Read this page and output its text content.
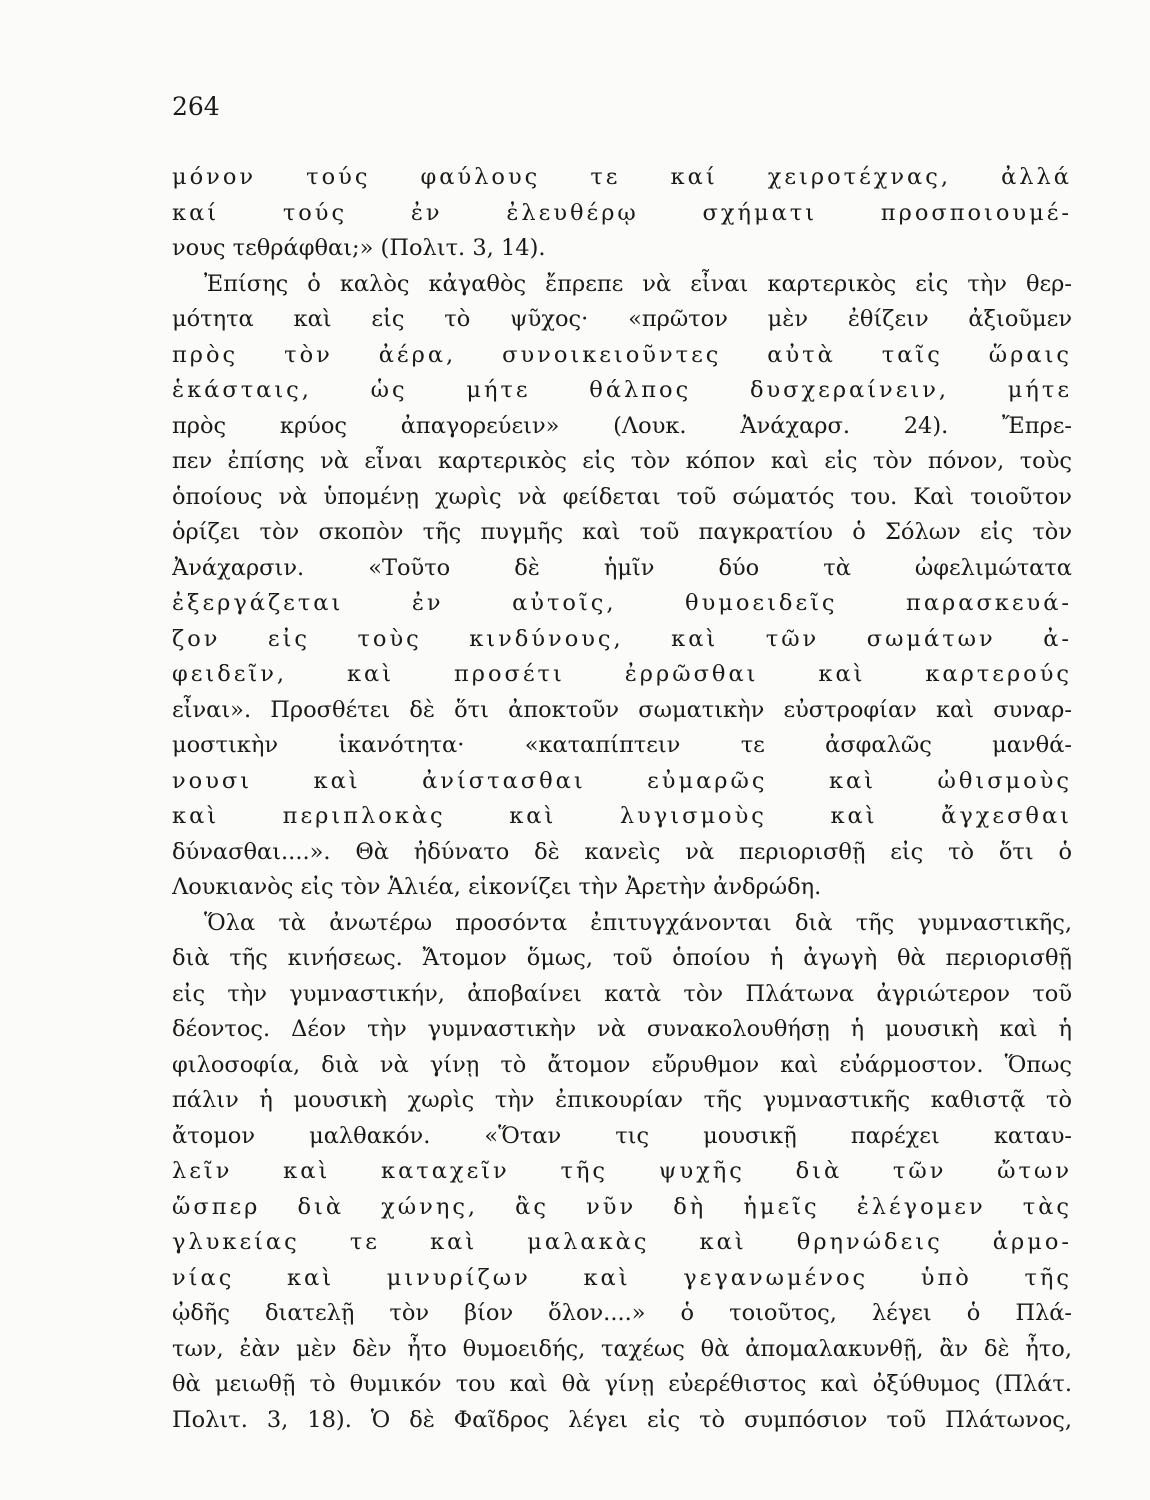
264
μόνον τούς φαύλους τε καί χειροτέχνας, ἀλλά
καί τούς ἐν ἐλευθέρῳ σχήματι προσποιουμέ-
νους τεθράφθαι;» (Πολιτ. 3, 14).
Ἐπίσης ὁ καλὸς κἀγαθὸς ἔπρεπε νὰ εἶναι καρτερικὸς εἰς τὴν θερ-
μότητα καὶ εἰς τὸ ψῦχος· «πρῶτον μὲν ἐθίζειν ἀξιοῦμεν
πρὸς τὸν ἀέρα, συνοικειοῦντες αὐτὰ ταῖς ὥραις
ἑκάσταις, ὡς μήτε θάλπος δυσχεραίνειν, μήτε
πρὸς κρύος ἀπαγορεύειν» (Λουκ. Ἀνάχαρσ. 24). Ἔπρε-
πεν ἐπίσης νὰ εἶναι καρτερικὸς εἰς τὸν κόπον καὶ εἰς τὸν πόνον, τοὺς
ὁποίους νὰ ὑπομένῃ χωρὶς νὰ φείδεται τοῦ σώματός του. Καὶ τοιοῦτον
ὁρίζει τὸν σκοπὸν τῆς πυγμῆς καὶ τοῦ παγκρατίου ὁ Σόλων εἰς τὸν
Ἀνάχαρσιν. «Τοῦτο δὲ ἡμῖν δύο τὰ ὠφελιμώτατα
ἐξεργάζεται ἐν αὐτοῖς, θυμοειδεῖς παρασκευά-
ζον εἰς τοὺς κινδύνους, καὶ τῶν σωμάτων ἀ-
φειδεῖν, καὶ προσέτι ἐρρῶσθαι καὶ καρτερούς
εἶναι». Προσθέτει δὲ ὅτι ἀποκτοῦν σωματικὴν εὐστροφίαν καὶ συναρ-
μοστικὴν ἱκανότητα· «καταπίπτειν τε ἀσφαλῶς μανθά-
νουσι καὶ ἀνίστασθαι εὐμαρῶς καὶ ὠθισμοὺς
καὶ περιπλοκὰς καὶ λυγισμοὺς καὶ ἄγχεσθαι
δύνασθαι....». Θὰ ἠδύνατο δὲ κανεὶς νὰ περιορισθῇ εἰς τὸ ὅτι ὁ
Λουκιανὸς εἰς τὸν Ἁλιέα, εἰκονίζει τὴν Ἀρετὴν ἀνδρώδη.
Ὅλα τὰ ἀνωτέρω προσόντα ἐπιτυγχάνονται διὰ τῆς γυμναστικῆς,
διὰ τῆς κινήσεως. Ἄτομον ὅμως, τοῦ ὁποίου ἡ ἀγωγὴ θὰ περιορισθῇ
εἰς τὴν γυμναστικήν, ἀποβαίνει κατὰ τὸν Πλάτωνα ἀγριώτερον τοῦ
δέοντος. Δέον τὴν γυμναστικὴν νὰ συνακολουθήσῃ ἡ μουσικὴ καὶ ἡ
φιλοσοφία, διὰ νὰ γίνῃ τὸ ἄτομον εὔρυθμον καὶ εὐάρμοστον. Ὅπως
πάλιν ἡ μουσικὴ χωρὶς τὴν ἐπικουρίαν τῆς γυμναστικῆς καθιστᾷ τὸ
ἄτομον μαλθακόν. «Ὅταν τις μουσικῇ παρέχει καταυ-
λεῖν καὶ καταχεῖν τῆς ψυχῆς διὰ τῶν ὤτων
ὥσπερ διὰ χώνης, ἃς νῦν δὴ ἡμεῖς ἐλέγομεν τὰς
γλυκείας τε καὶ μαλακὰς καὶ θρηνώδεις ἁρμο-
νίας καὶ μινυρίζων καὶ γεγανωμένος ὑπὸ τῆς
ᾠδῆς διατελῇ τὸν βίον ὅλον....» ὁ τοιοῦτος, λέγει ὁ Πλά-
των, ἐὰν μὲν δὲν ἦτο θυμοειδής, ταχέως θὰ ἀπομαλακυνθῇ, ἂν δὲ ἦτο,
θὰ μειωθῇ τὸ θυμικόν του καὶ θὰ γίνῃ εὐερέθιστος καὶ ὀξύθυμος (Πλάτ.
Πολιτ. 3, 18). Ὁ δὲ Φαῖδρος λέγει εἰς τὸ συμπόσιον τοῦ Πλάτωνος,
